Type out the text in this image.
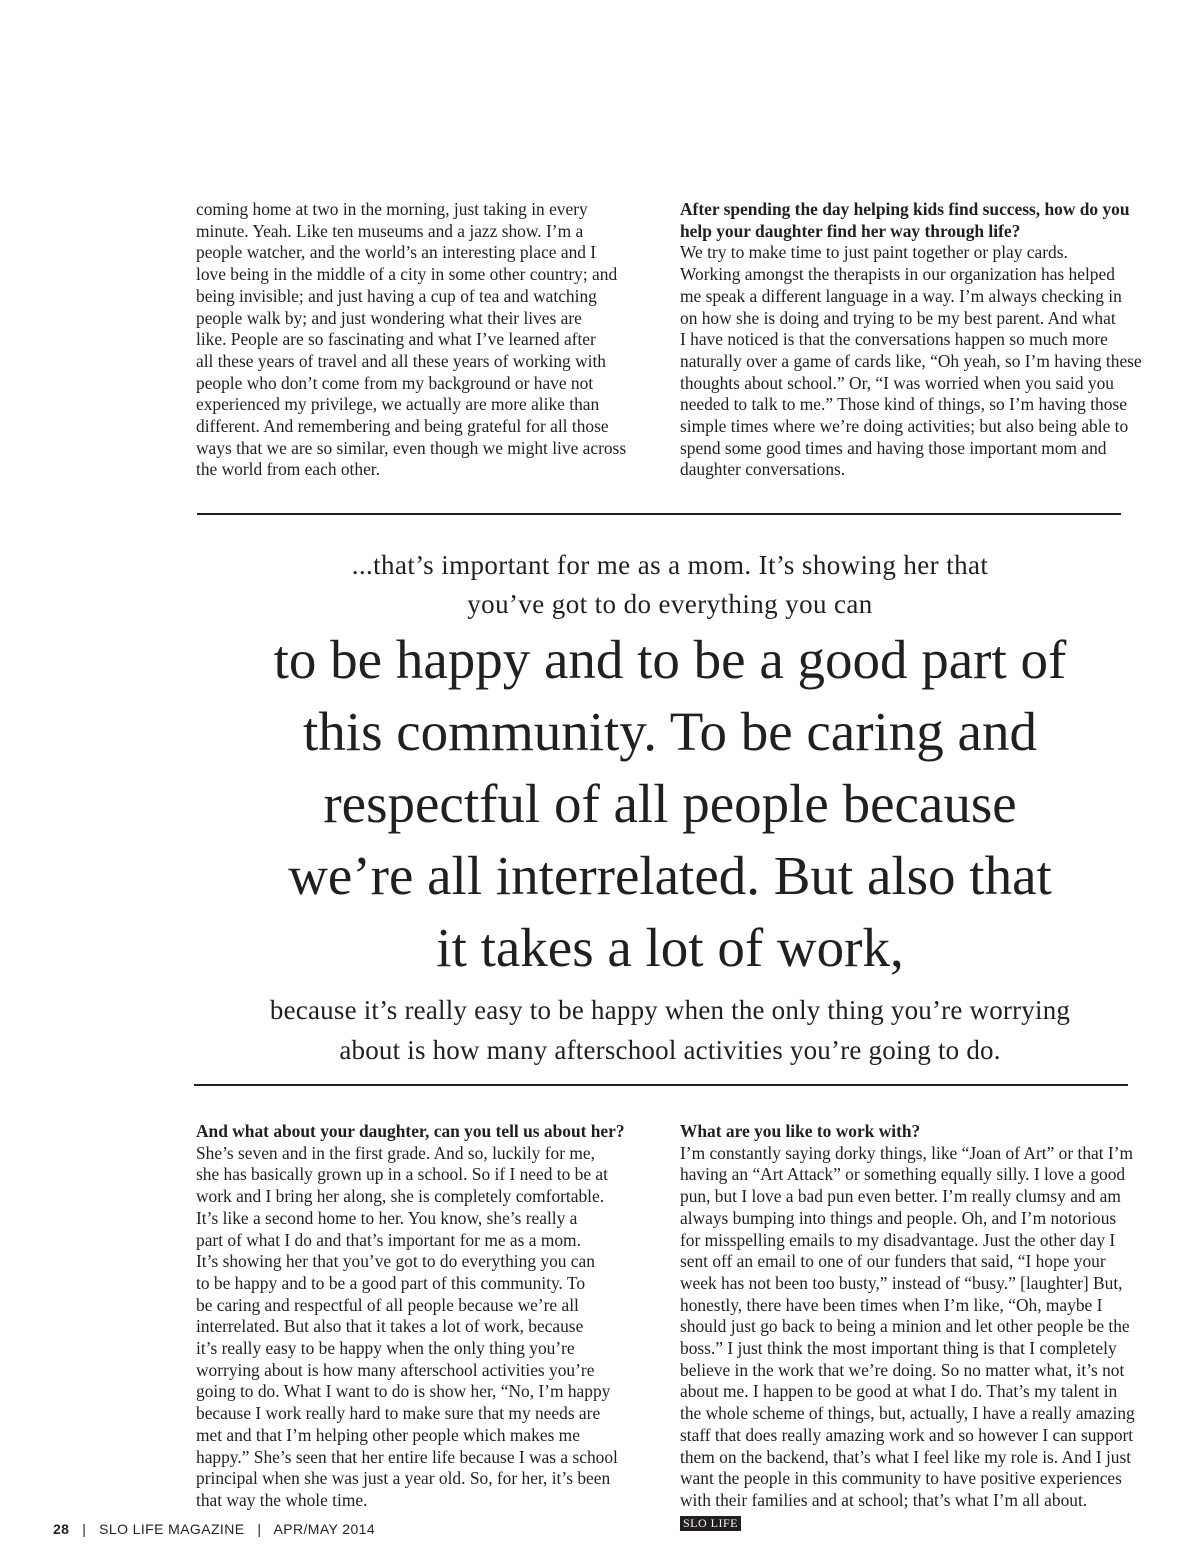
coming home at two in the morning, just taking in every
minute. Yeah. Like ten museums and a jazz show. I’m a
people watcher, and the world’s an interesting place and I
love being in the middle of a city in some other country; and
being invisible; and just having a cup of tea and watching
people walk by; and just wondering what their lives are
like. People are so fascinating and what I’ve learned after
all these years of travel and all these years of working with
people who don’t come from my background or have not
experienced my privilege, we actually are more alike than
different. And remembering and being grateful for all those
ways that we are so similar, even though we might live across
the world from each other.

After spending the day helping kids find success, how do you
help your daughter find her way through life?

We try to make time to just paint together or play cards.
Working amongst the therapists in our organization has helped
me speak a different language in a way. I’m always checking in
on how she is doing and trying to be my best parent. And what
I have noticed is that the conversations happen so much more
naturally over a game of cards like, “Oh yeah, so I’m having these
thoughts about school.” Or, “I was worried when you said you
needed to talk to me.” Those kind of things, so I’m having those
simple times where we’re doing activities; but also being able to
spend some good times and having those important mom and
daughter conversations.

...that’s important for me as a mom. It’s showing her that
you’ve got to do everything you can

to be happy and to be a good part of
this community. To be caring and
respectful of all people because
we’re all interrelated. But also that
it takes a lot of work,

because it’s really easy to be happy when the only thing you’re worrying
about is how many afterschool activities you’re going to do.

And what about your daughter, can you tell us about her?

She’s seven and in the first grade. And so, luckily for me,
she has basically grown up in a school. So if I need to be at
work and I bring her along, she is completely comfortable.
It’s like a second home to her. You know, she’s really a
part of what I do and that’s important for me as a mom.
It’s showing her that you’ve got to do everything you can
to be happy and to be a good part of this community. To
be caring and respectful of all people because we’re all
interrelated. But also that it takes a lot of work, because
it’s really easy to be happy when the only thing you’re
worrying about is how many afterschool activities you’re
going to do. What I want to do is show her, “No, I’m happy
because I work really hard to make sure that my needs are
met and that I’m helping other people which makes me
happy.” She’s seen that her entire life because I was a school
principal when she was just a year old. So, for her, it’s been
that way the whole time.

What are you like to work with?

I’m constantly saying dorky things, like “Joan of Art” or that I’m
having an “Art Attack” or something equally silly. I love a good
pun, but I love a bad pun even better. I’m really clumsy and am
always bumping into things and people. Oh, and I’m notorious
for misspelling emails to my disadvantage. Just the other day I
sent off an email to one of our funders that said, “I hope your
week has not been too busty,” instead of “busy.” [laughter] But,
honestly, there have been times when I’m like, “Oh, maybe I
should just go back to being a minion and let other people be the
boss.” I just think the most important thing is that I completely
believe in the work that we’re doing. So no matter what, it’s not
about me. I happen to be good at what I do. That’s my talent in
the whole scheme of things, but, actually, I have a really amazing
staff that does really amazing work and so however I can support
them on the backend, that’s what I feel like my role is. And I just
want the people in this community to have positive experiences
with their families and at school; that’s what I’m all about. SLO LIFE

28 | SLO LIFE MAGAZINE | APR/MAY 2014
